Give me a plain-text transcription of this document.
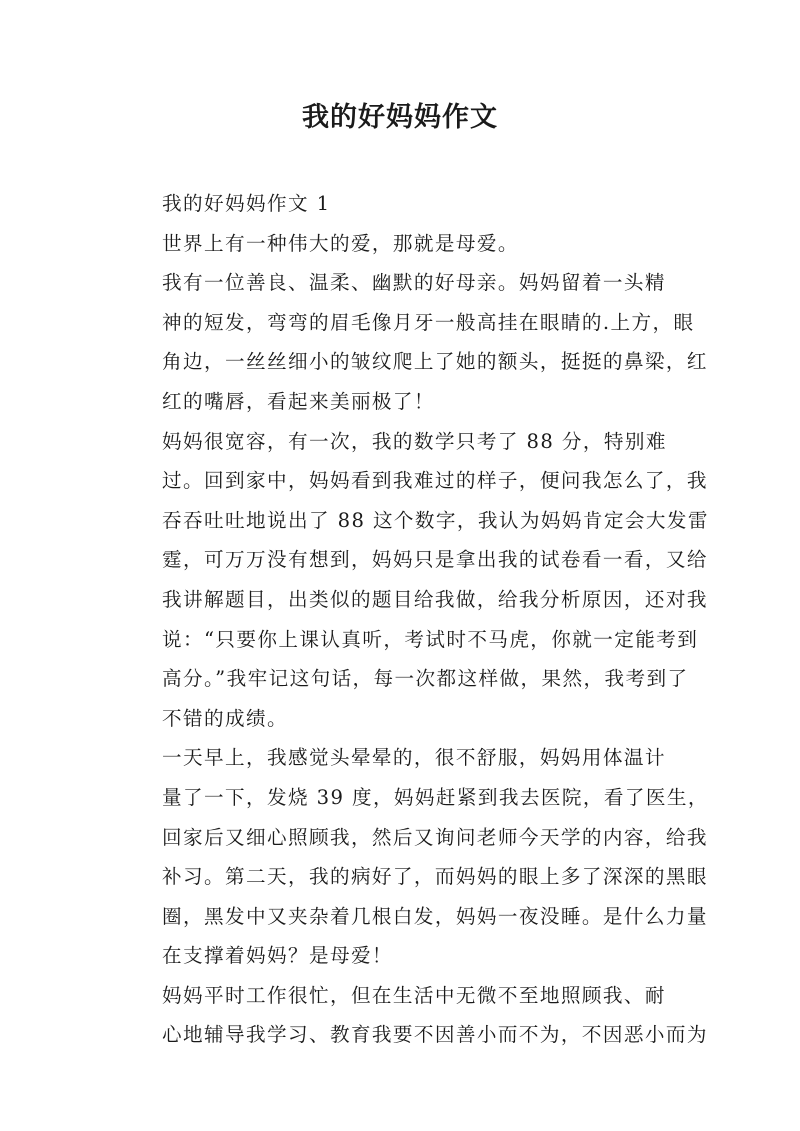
我的好妈妈作文

我的好妈妈作文 1

世界上有一种伟大的爱，那就是母爱。

我有一位善良、温柔、幽默的好母亲。妈妈留着一头精
神的短发，弯弯的眉毛像月牙一般高挂在眼睛的.上方，眼
角边，一丝丝细小的皱纹爬上了她的额头，挺挺的鼻梁，红
红的嘴唇，看起来美丽极了！

妈妈很宽容，有一次，我的数学只考了 88 分，特别难
过。回到家中，妈妈看到我难过的样子，便问我怎么了，我
吞吞吐吐地说出了 88 这个数字，我认为妈妈肯定会大发雷
霆，可万万没有想到，妈妈只是拿出我的试卷看一看，又给
我讲解题目，出类似的题目给我做，给我分析原因，还对我
说：“只要你上课认真听，考试时不马虎，你就一定能考到
高分。”我牢记这句话，每一次都这样做，果然，我考到了
不错的成绩。

一天早上，我感觉头晕晕的，很不舒服，妈妈用体温计
量了一下，发烧 39 度，妈妈赶紧到我去医院，看了医生，
回家后又细心照顾我，然后又询问老师今天学的内容，给我
补习。第二天，我的病好了，而妈妈的眼上多了深深的黑眼
圈，黑发中又夹杂着几根白发，妈妈一夜没睡。是什么力量
在支撑着妈妈？是母爱！

妈妈平时工作很忙，但在生活中无微不至地照顾我、耐
心地辅导我学习、教育我要不因善小而不为，不因恶小而为
